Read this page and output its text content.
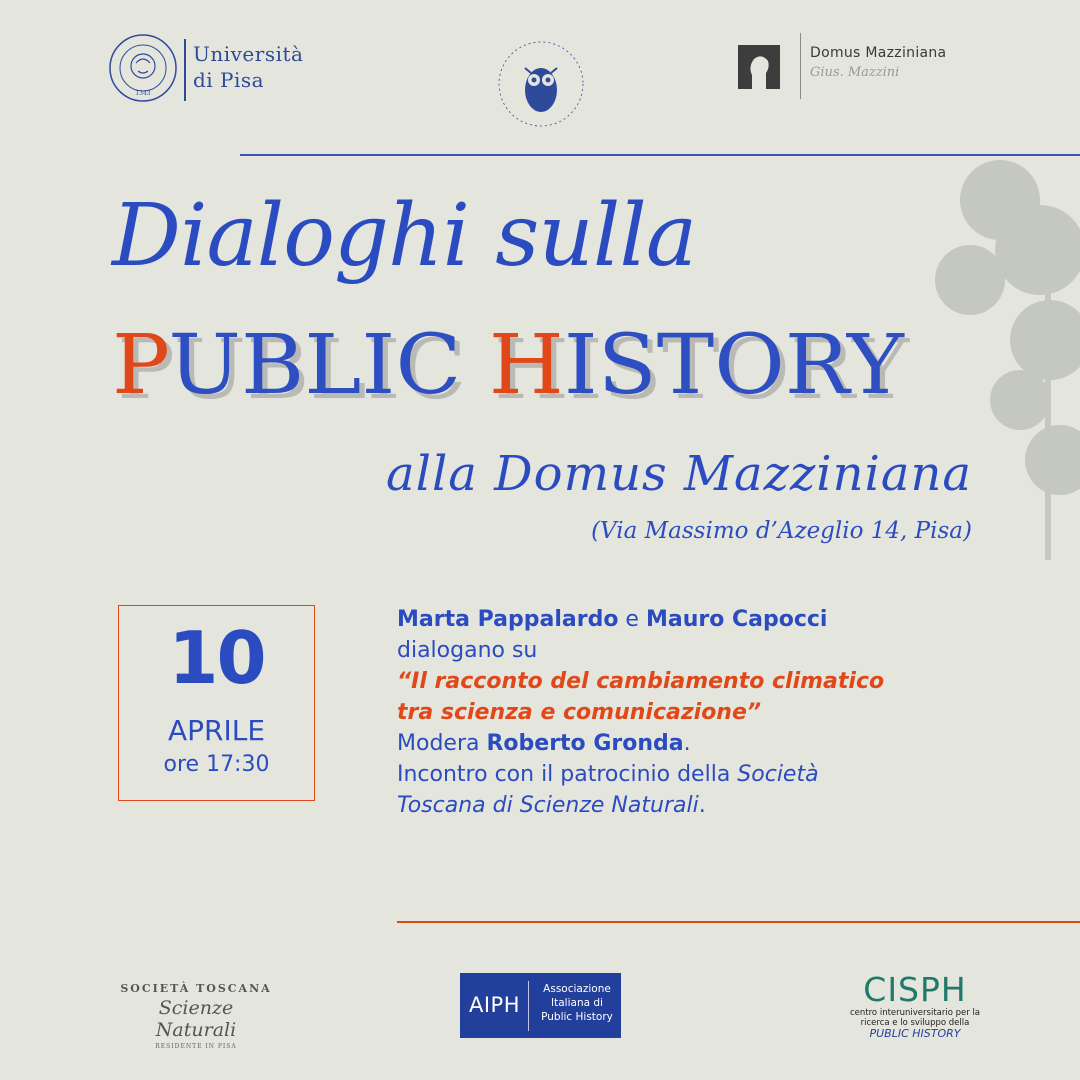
1343
Università
di Pisa
Domus Mazziniana
Gius. Mazzini
Dialoghi sulla
PUBLIC HISTORY
alla Domus Mazziniana
(Via Massimo d’Azeglio 14, Pisa)
10
APRILE
ore 17:30
Marta Pappalardo e Mauro Capocci
dialogano su
“Il racconto del cambiamento climatico
tra scienza e comunicazione”
Modera Roberto Gronda.
Incontro con il patrocinio della Società
Toscana di Scienze Naturali.
SOCIETÀ TOSCANA
Scienze Naturali
RESIDENTE IN PISA
AIPH
Associazione Italiana di Public History
CISPH
centro interuniversitario per la ricerca e lo sviluppo della
PUBLIC HISTORY
